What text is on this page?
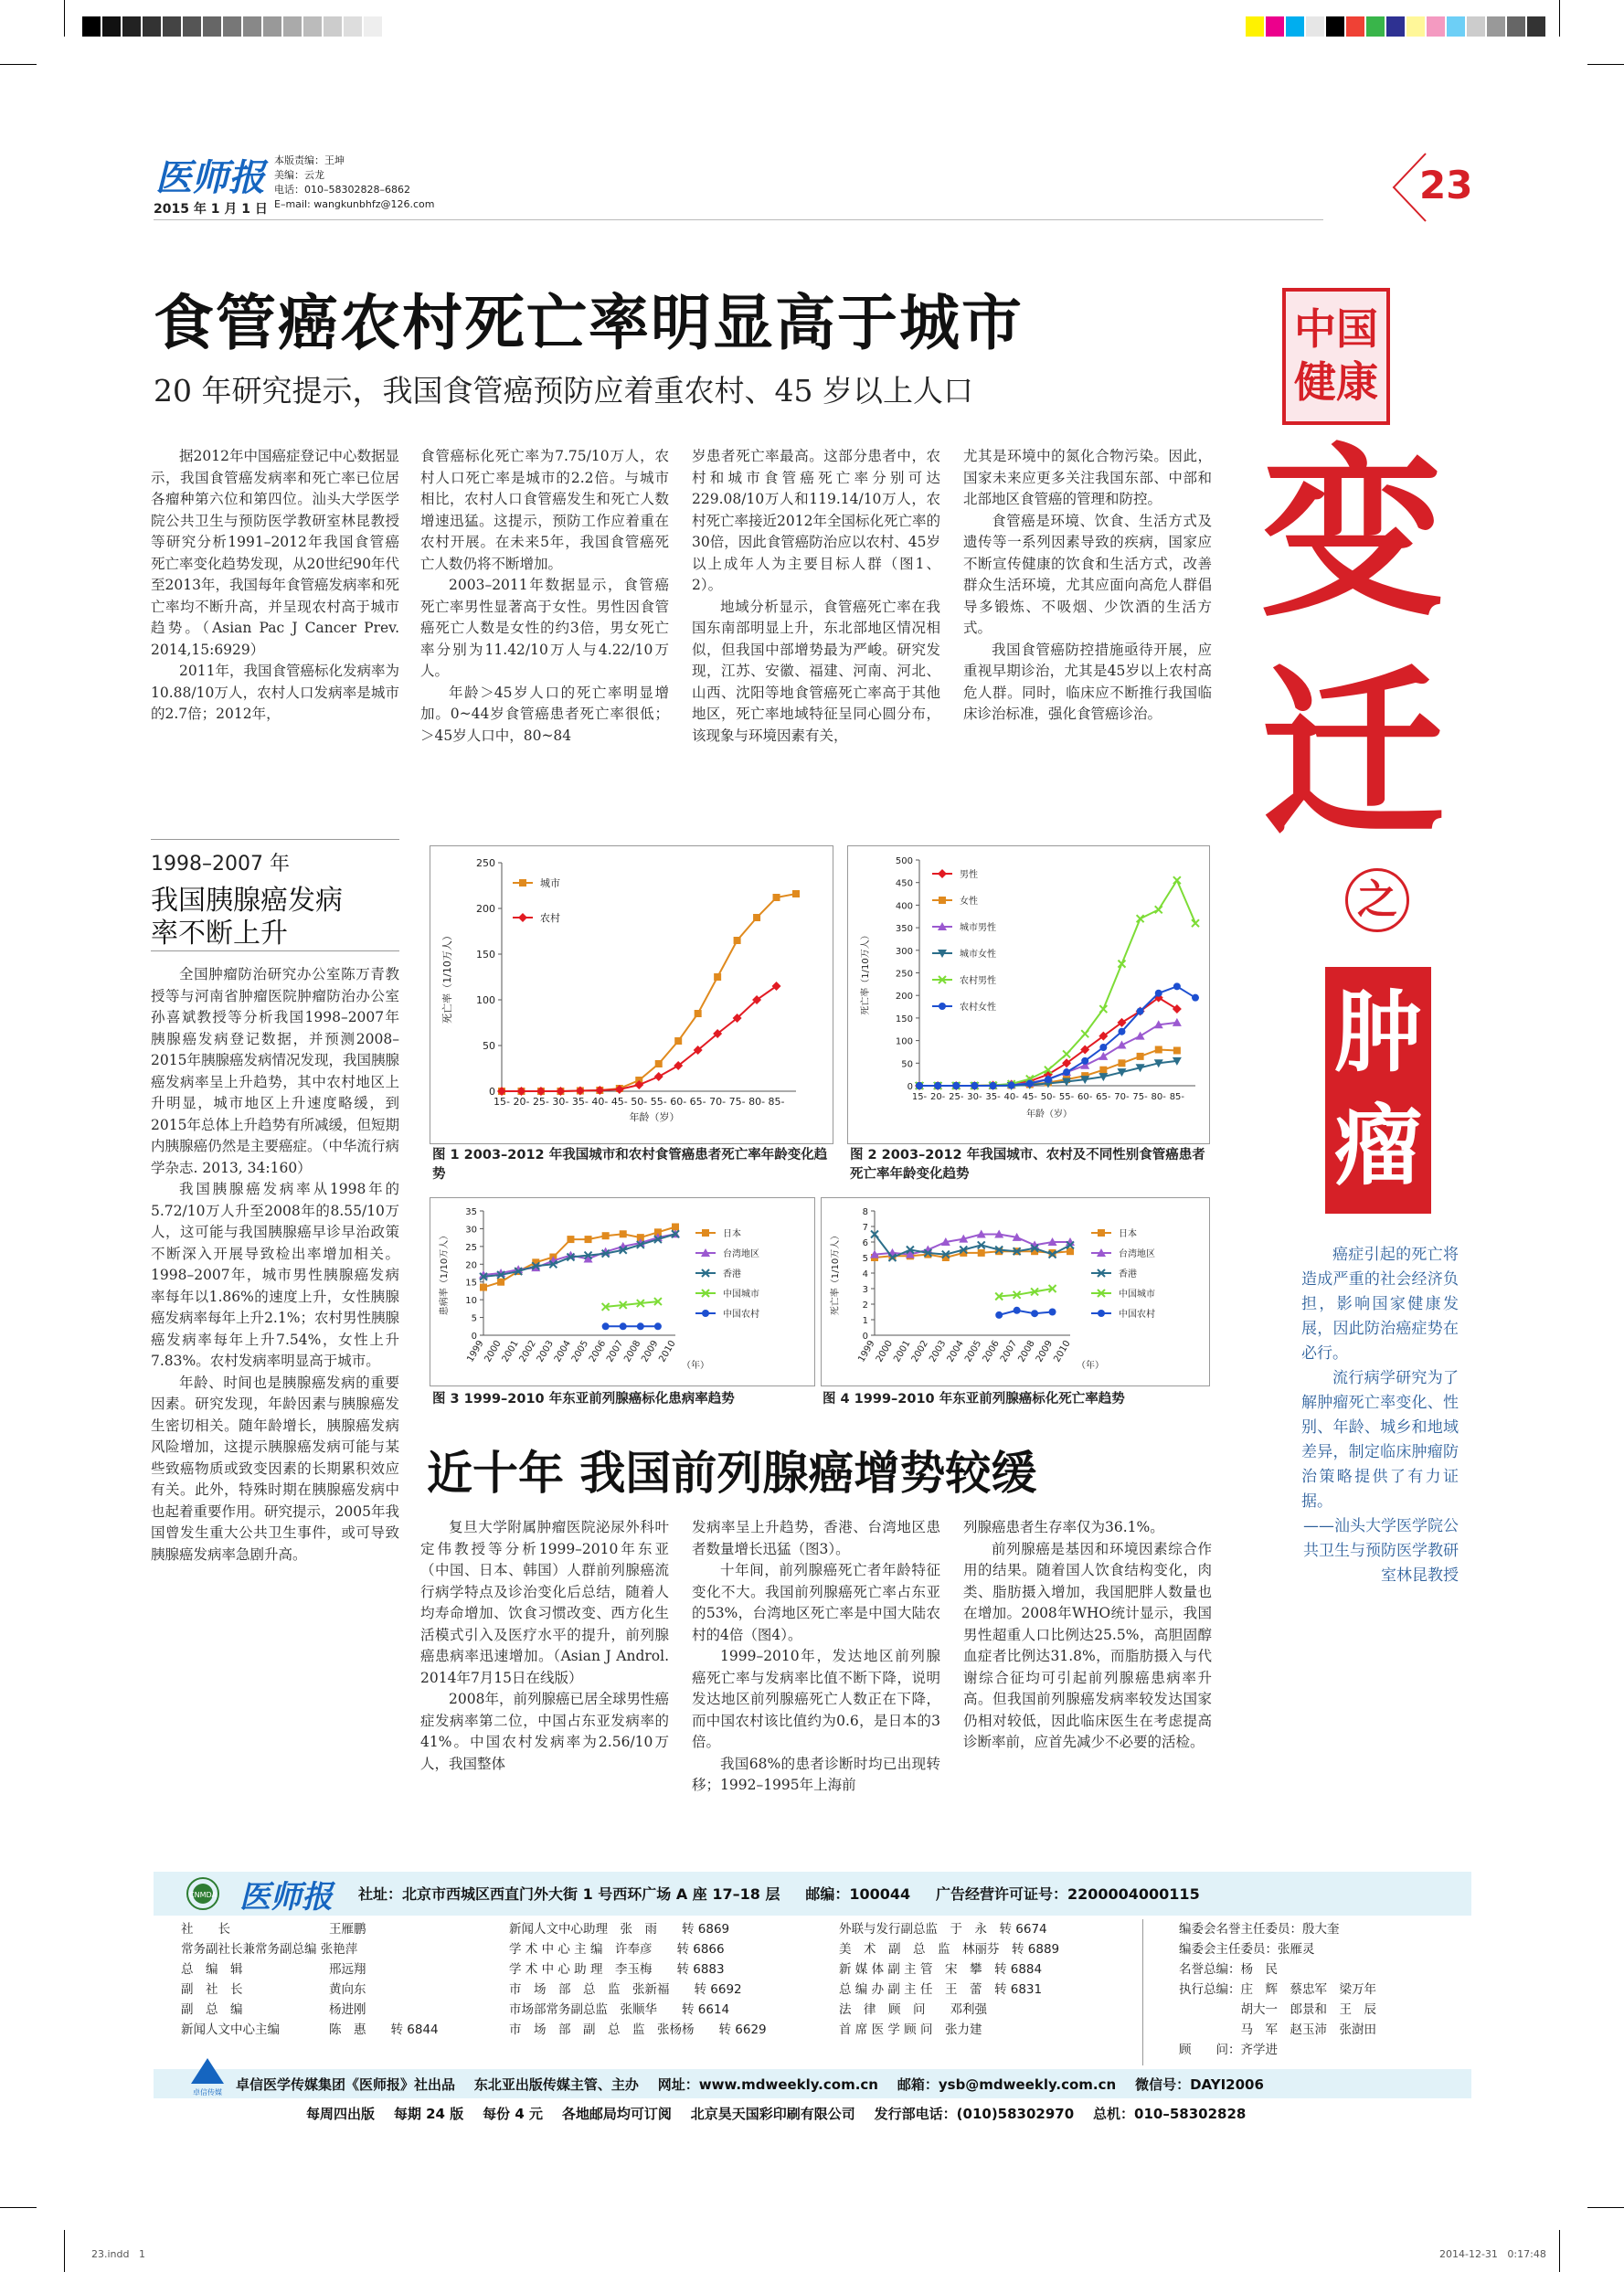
医师报
2015 年 1 月 1 日
本版责编：王坤
美编：云龙
电话：010–58302828–6862
E–mail: wangkunbhfz@126.com	23
食管癌农村死亡率明显高于城市
20 年研究提示，我国食管癌预防应着重农村、45 岁以上人口
中国
健康
变
迁
之
肿
瘤

癌症引起的死亡将造成严重的社会经济负担，影响国家健康发展，因此防治癌症势在必行。

流行病学研究为了解肿瘤死亡率变化、性别、年龄、城乡和地域差异，制定临床肿瘤防治策略提供了有力证据。

——汕头大学医学院公共卫生与预防医学教研室林昆教授

据2012年中国癌症登记中心数据显示，我国食管癌发病率和死亡率已位居各瘤种第六位和第四位。汕头大学医学院公共卫生与预防医学教研室林昆教授等研究分析1991–2012年我国食管癌死亡率变化趋势发现，从20世纪90年代至2013年，我国每年食管癌发病率和死亡率均不断升高，并呈现农村高于城市趋势。（Asian Pac J Cancer Prev. 2014,15:6929）

2011年，我国食管癌标化发病率为10.88/10万人，农村人口发病率是城市的2.7倍；2012年，

食管癌标化死亡率为7.75/10万人，农村人口死亡率是城市的2.2倍。与城市相比，农村人口食管癌发生和死亡人数增速迅猛。这提示，预防工作应着重在农村开展。在未来5年，我国食管癌死亡人数仍将不断增加。

2003–2011年数据显示，食管癌死亡率男性显著高于女性。男性因食管癌死亡人数是女性的约3倍，男女死亡率分别为11.42/10万人与4.22/10万人。

年龄＞45岁人口的死亡率明显增加。0~44岁食管癌患者死亡率很低；＞45岁人口中，80~84

岁患者死亡率最高。这部分患者中，农村和城市食管癌死亡率分别可达229.08/10万人和119.14/10万人，农村死亡率接近2012年全国标化死亡率的30倍，因此食管癌防治应以农村、45岁以上成年人为主要目标人群（图1、2）。

地域分析显示，食管癌死亡率在我国东南部明显上升，东北部地区情况相似，但我国中部增势最为严峻。研究发现，江苏、安徽、福建、河南、河北、山西、沈阳等地食管癌死亡率高于其他地区，死亡率地域特征呈同心圆分布，该现象与环境因素有关，

尤其是环境中的氮化合物污染。因此，国家未来应更多关注我国东部、中部和北部地区食管癌的管理和防控。

食管癌是环境、饮食、生活方式及遗传等一系列因素导致的疾病，国家应不断宣传健康的饮食和生活方式，改善群众生活环境，尤其应面向高危人群倡导多锻炼、不吸烟、少饮酒的生活方式。

我国食管癌防控措施亟待开展，应重视早期诊治，尤其是45岁以上农村高危人群。同时，临床应不断推行我国临床诊治标准，强化食管癌诊治。

1998–2007 年
我国胰腺癌发病
率不断上升

全国肿瘤防治研究办公室陈万青教授等与河南省肿瘤医院肿瘤防治办公室孙喜斌教授等分析我国1998–2007年胰腺癌发病登记数据，并预测2008–2015年胰腺癌发病情况发现，我国胰腺癌发病率呈上升趋势，其中农村地区上升明显，城市地区上升速度略缓，到2015年总体上升趋势有所减缓，但短期内胰腺癌仍然是主要癌症。（中华流行病学杂志. 2013, 34:160）

我国胰腺癌发病率从1998年的5.72/10万人升至2008年的8.55/10万人，这可能与我国胰腺癌早诊早治政策不断深入开展导致检出率增加相关。1998–2007年，城市男性胰腺癌发病率每年以1.86%的速度上升，女性胰腺癌发病率每年上升2.1%；农村男性胰腺癌发病率每年上升7.54%，女性上升7.83%。农村发病率明显高于城市。

年龄、时间也是胰腺癌发病的重要因素。研究发现，年龄因素与胰腺癌发生密切相关。随年龄增长，胰腺癌发病风险增加，这提示胰腺癌发病可能与某些致癌物质或致变因素的长期累积效应有关。此外，特殊时期在胰腺癌发病中也起着重要作用。研究提示，2005年我国曾发生重大公共卫生事件，或可导致胰腺癌发病率急剧升高。

0
50
100
150
200
250
15- 20- 25- 30- 35- 40- 45- 50- 55- 60- 65- 70- 75- 80- 85-
死亡率（1/10万人）
年龄（岁）
城市
农村
图 1 2003–2012 年我国城市和农村食管癌患者死亡率年龄变化趋势
0
50
100
150
200
250
300
350
400
450
500
15- 20- 25- 30- 35- 40- 45- 50- 55- 60- 65- 70- 75- 80- 85-
死亡率（1/10万人）
年龄（岁）
男性
女性
城市男性
城市女性
农村男性
农村女性
图 2 2003–2012 年我国城市、农村及不同性别食管癌患者死亡率年龄变化趋势
0
5
10
15
20
25
30
35
1999
2000
2001
2002
2003
2004
2005
2006
2007
2008
2009
2010
患病率（1/10万人）
（年）
日本
台湾地区
香港
中国城市
中国农村
图 3 1999–2010 年东亚前列腺癌标化患病率趋势
0
1
2
3
4
5
6
7
8
1999
2000
2001
2002
2003
2004
2005
2006
2007
2008
2009
2010
死亡率（1/10万人）
（年）
日本
台湾地区
香港
中国城市
中国农村
图 4 1999–2010 年东亚前列腺癌标化死亡率趋势
近十年 我国前列腺癌增势较缓

复旦大学附属肿瘤医院泌尿外科叶定伟教授等分析1999–2010年东亚（中国、日本、韩国）人群前列腺癌流行病学特点及诊治变化后总结，随着人均寿命增加、饮食习惯改变、西方化生活模式引入及医疗水平的提升，前列腺癌患病率迅速增加。（Asian J Androl. 2014年7月15日在线版）

2008年，前列腺癌已居全球男性癌症发病率第二位，中国占东亚发病率的41%。中国农村发病率为2.56/10万人，我国整体

发病率呈上升趋势，香港、台湾地区患者数量增长迅猛（图3）。

十年间，前列腺癌死亡者年龄特征变化不大。我国前列腺癌死亡率占东亚的53%，台湾地区死亡率是中国大陆农村的4倍（图4）。

1999–2010年，发达地区前列腺癌死亡率与发病率比值不断下降，说明发达地区前列腺癌死亡人数正在下降，而中国农村该比值约为0.6，是日本的3倍。

我国68%的患者诊断时均已出现转移；1992–1995年上海前

列腺癌患者生存率仅为36.1%。

前列腺癌是基因和环境因素综合作用的结果。随着国人饮食结构变化，肉类、脂肪摄入增加，我国肥胖人数量也在增加。2008年WHO统计显示，我国男性超重人口比例达25.5%，高胆固醇血症者比例达31.8%，而脂肪摄入与代谢综合征均可引起前列腺癌患病率升高。但我国前列腺癌发病率较发达国家仍相对较低，因此临床医生在考虑提高诊断率前，应首先减少不必要的活检。

CNMDA 医师报 社址：北京市西城区西直门外大街 1 号西环广场 A 座 17–18 层     邮编：100044     广告经营许可证号：2200004000115
社　　长　　　　　　　　王雁鹏
常务副社长兼常务副总编 张艳萍
总　编　辑　　　　　　　邢远翔
副　社　长　　　　　　　黄向东
副　总　编　　　　　　　杨进刚
新闻人文中心主编　　　　陈　惠　　转 6844
新闻人文中心助理　张　雨　　转 6869
学 术 中 心 主 编　许奉彦　　转 6866
学 术 中 心 助 理　李玉梅　　转 6883
市　场　部　总　监　张新福　　转 6692
市场部常务副总监　张顺华　　转 6614
市　场　部　副　总　监　张杨杨　　转 6629
外联与发行副总监　于　永　转 6674
美　术　副　总　监　林丽芬　转 6889
新 媒 体 副 主 管　宋　攀　转 6884
总 编 办 副 主 任　王　蕾　转 6831
法　律　顾　问　　邓利强
首 席 医 学 顾 问　张力建
编委会名誉主任委员：殷大奎
编委会主任委员：张雁灵
名誉总编：杨　民
执行总编：庄　辉　蔡忠军　梁万年
　　　　　胡大一　郎景和　王　辰
　　　　　马　军　赵玉沛　张澍田
顾　　问：齐学进
卓信传媒 卓信医学传媒集团《医师报》社出品    东北亚出版传媒主管、主办    网址：www.mdweekly.com.cn    邮箱：ysb@mdweekly.com.cn    微信号：DAYI2006
每周四出版    每期 24 版    每份 4 元    各地邮局均可订阅    北京昊天国彩印刷有限公司    发行部电话：(010)58302970    总机：010–58302828
23.indd   1	2014-12-31   0:17:48
